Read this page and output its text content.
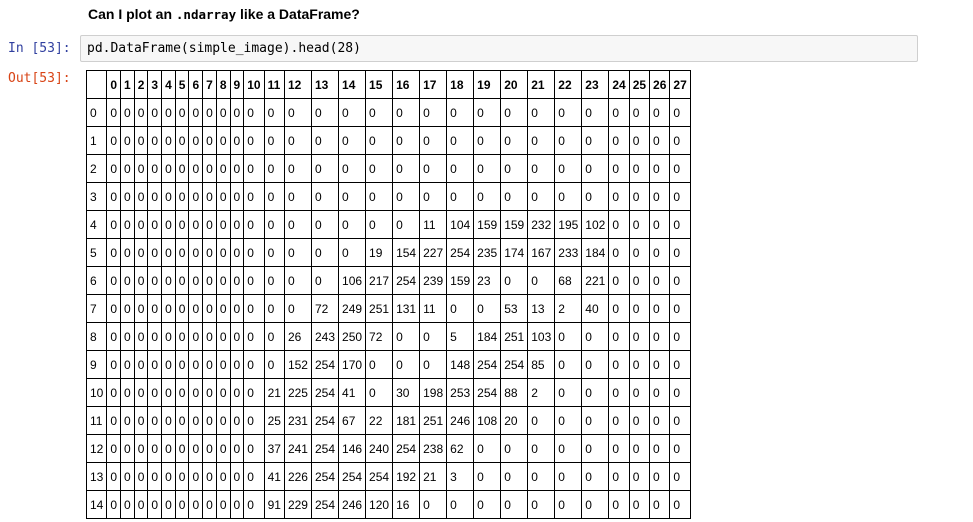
Can I plot an .ndarray like a DataFrame?
In [53]: pd.DataFrame(simple_image).head(28)
Out[53]:
		0	1	2	3	4	5	6	7	8	9	10	11	12	13	14	15	16	17	18	19	20	21	22	23	24	25	26	27
0	0	0	0	0	0	0	0	0	0	0	0	0	0	0	0	0	0	0	0	0	0	0	0	0	0	0	0	0
1	0	0	0	0	0	0	0	0	0	0	0	0	0	0	0	0	0	0	0	0	0	0	0	0	0	0	0	0
2	0	0	0	0	0	0	0	0	0	0	0	0	0	0	0	0	0	0	0	0	0	0	0	0	0	0	0	0
3	0	0	0	0	0	0	0	0	0	0	0	0	0	0	0	0	0	0	0	0	0	0	0	0	0	0	0	0
4	0	0	0	0	0	0	0	0	0	0	0	0	0	0	0	0	0	11	104	159	159	232	195	102	0	0	0	0
5	0	0	0	0	0	0	0	0	0	0	0	0	0	0	0	19	154	227	254	235	174	167	233	184	0	0	0	0
6	0	0	0	0	0	0	0	0	0	0	0	0	0	0	106	217	254	239	159	23	0	0	68	221	0	0	0	0
7	0	0	0	0	0	0	0	0	0	0	0	0	0	72	249	251	131	11	0	0	53	13	2	40	0	0	0	0
8	0	0	0	0	0	0	0	0	0	0	0	0	26	243	250	72	0	0	5	184	251	103	0	0	0	0	0	0
9	0	0	0	0	0	0	0	0	0	0	0	0	152	254	170	0	0	0	148	254	254	85	0	0	0	0	0	0
10	0	0	0	0	0	0	0	0	0	0	0	21	225	254	41	0	30	198	253	254	88	2	0	0	0	0	0	0
11	0	0	0	0	0	0	0	0	0	0	0	25	231	254	67	22	181	251	246	108	20	0	0	0	0	0	0	0
12	0	0	0	0	0	0	0	0	0	0	0	37	241	254	146	240	254	238	62	0	0	0	0	0	0	0	0	0
13	0	0	0	0	0	0	0	0	0	0	0	41	226	254	254	254	192	21	3	0	0	0	0	0	0	0	0	0
14	0	0	0	0	0	0	0	0	0	0	0	91	229	254	246	120	16	0	0	0	0	0	0	0	0	0	0	0
